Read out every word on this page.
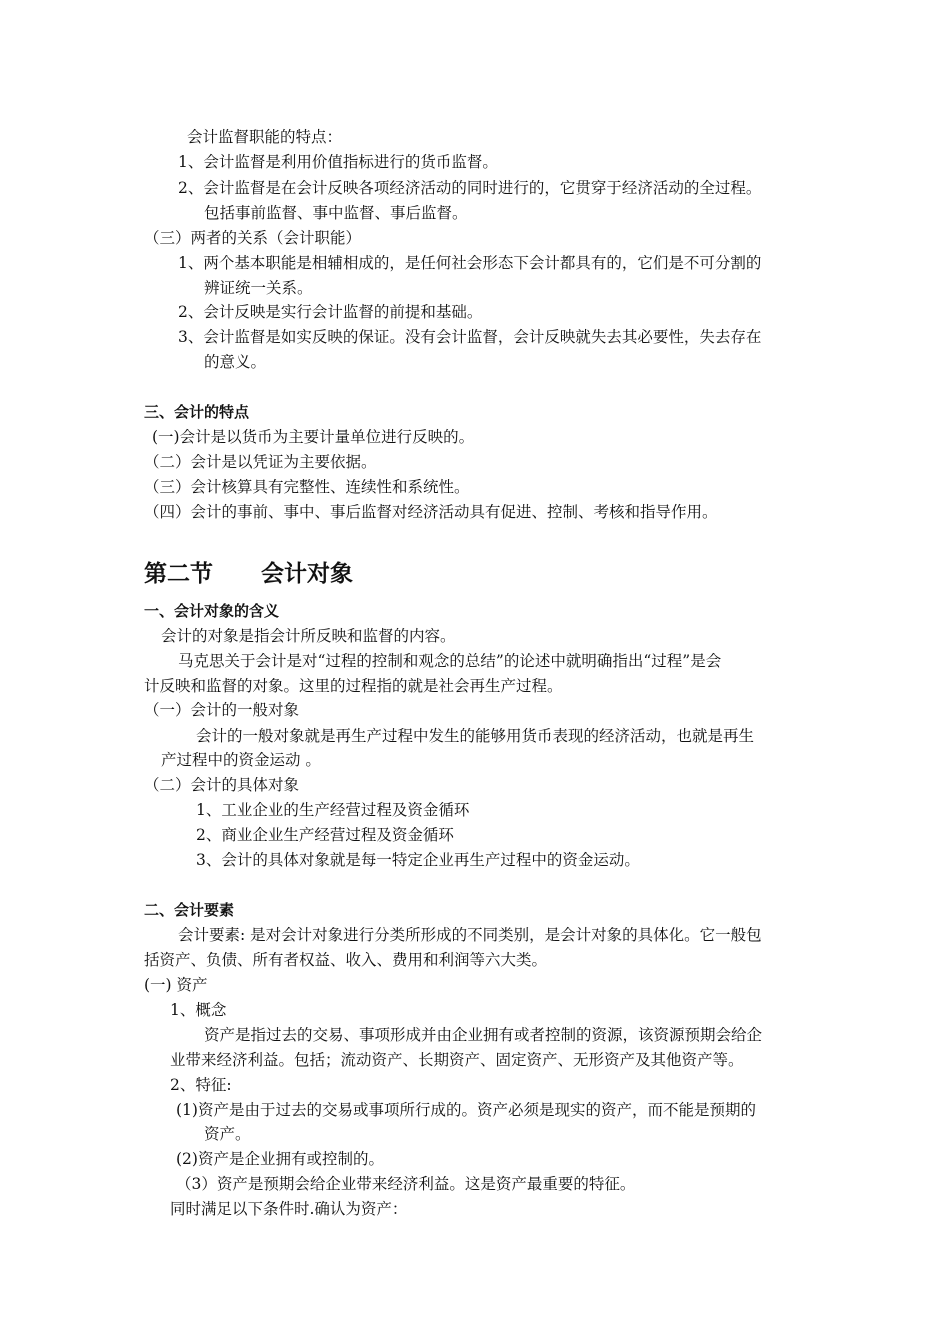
会计监督职能的特点：
1、会计监督是利用价值指标进行的货币监督。
2、会计监督是在会计反映各项经济活动的同时进行的，它贯穿于经济活动的全过程。
包括事前监督、事中监督、事后监督。
（三）两者的关系（会计职能）
1、两个基本职能是相辅相成的，是任何社会形态下会计都具有的，它们是不可分割的
辨证统一关系。
2、会计反映是实行会计监督的前提和基础。
3、会计监督是如实反映的保证。没有会计监督，会计反映就失去其必要性，失去存在
的意义。
三、会计的特点
(一)会计是以货币为主要计量单位进行反映的。
（二）会计是以凭证为主要依据。
（三）会计核算具有完整性、连续性和系统性。
（四）会计的事前、事中、事后监督对经济活动具有促进、控制、考核和指导作用。
第二节 会计对象
一、会计对象的含义
会计的对象是指会计所反映和监督的内容。
马克思关于会计是对“过程的控制和观念的总结”的论述中就明确指出“过程”是会
计反映和监督的对象。这里的过程指的就是社会再生产过程。
（一）会计的一般对象
会计的一般对象就是再生产过程中发生的能够用货币表现的经济活动，也就是再生
产过程中的资金运动 。
（二）会计的具体对象
1、工业企业的生产经营过程及资金循环
2、商业企业生产经营过程及资金循环
3、会计的具体对象就是每一特定企业再生产过程中的资金运动。
二、会计要素
会计要素: 是对会计对象进行分类所形成的不同类别，是会计对象的具体化。它一般包
括资产、负债、所有者权益、收入、费用和利润等六大类。
(一) 资产
1、概念
资产是指过去的交易、事项形成并由企业拥有或者控制的资源，该资源预期会给企
业带来经济利益。包括；流动资产、长期资产、固定资产、无形资产及其他资产等。
2、特征:
(1)资产是由于过去的交易或事项所行成的。资产必须是现实的资产，而不能是预期的
资产。
(2)资产是企业拥有或控制的。
（3）资产是预期会给企业带来经济利益。这是资产最重要的特征。
同时满足以下条件时.确认为资产：
